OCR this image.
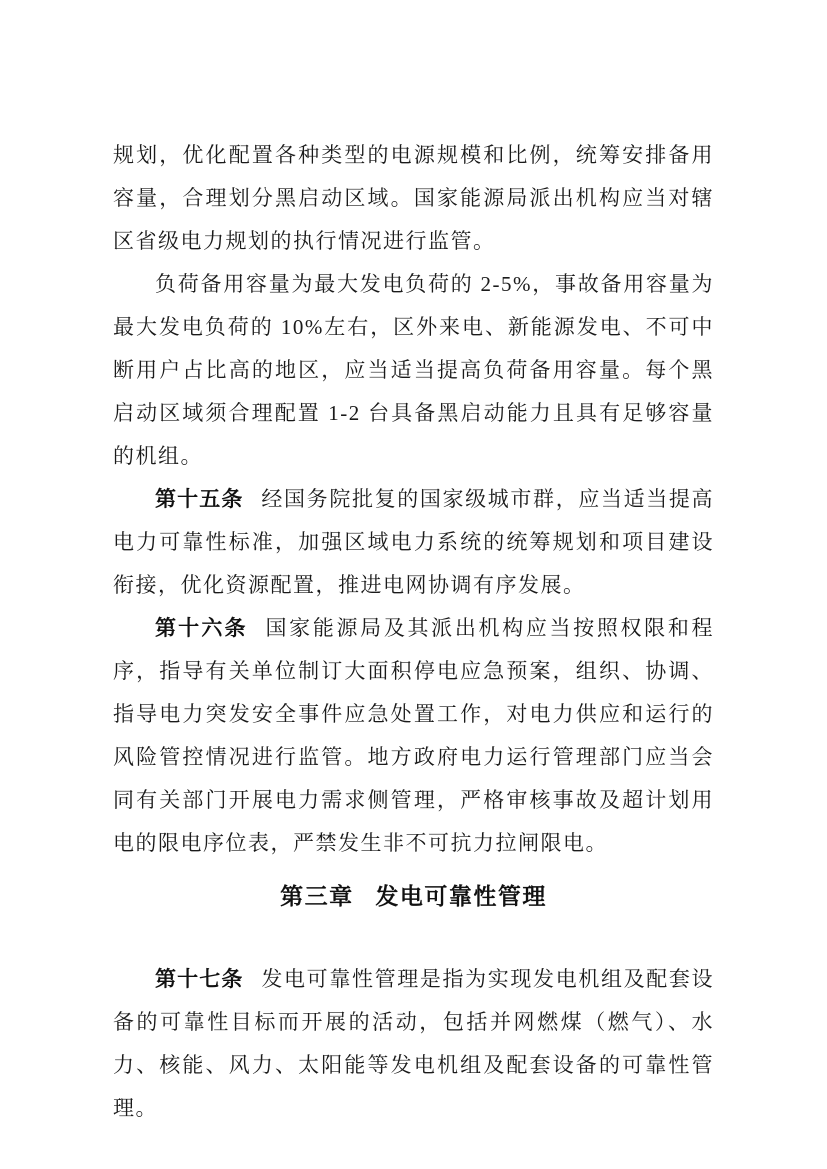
规划，优化配置各种类型的电源规模和比例，统筹安排备用容量，合理划分黑启动区域。国家能源局派出机构应当对辖区省级电力规划的执行情况进行监管。

负荷备用容量为最大发电负荷的 2-5%，事故备用容量为最大发电负荷的 10%左右，区外来电、新能源发电、不可中断用户占比高的地区，应当适当提高负荷备用容量。每个黑启动区域须合理配置 1-2 台具备黑启动能力且具有足够容量的机组。

第十五条 经国务院批复的国家级城市群，应当适当提高电力可靠性标准，加强区域电力系统的统筹规划和项目建设衔接，优化资源配置，推进电网协调有序发展。

第十六条 国家能源局及其派出机构应当按照权限和程序，指导有关单位制订大面积停电应急预案，组织、协调、指导电力突发安全事件应急处置工作，对电力供应和运行的风险管控情况进行监管。地方政府电力运行管理部门应当会同有关部门开展电力需求侧管理，严格审核事故及超计划用电的限电序位表，严禁发生非不可抗力拉闸限电。

第三章 发电可靠性管理

第十七条 发电可靠性管理是指为实现发电机组及配套设备的可靠性目标而开展的活动，包括并网燃煤（燃气）、水力、核能、风力、太阳能等发电机组及配套设备的可靠性管理。
